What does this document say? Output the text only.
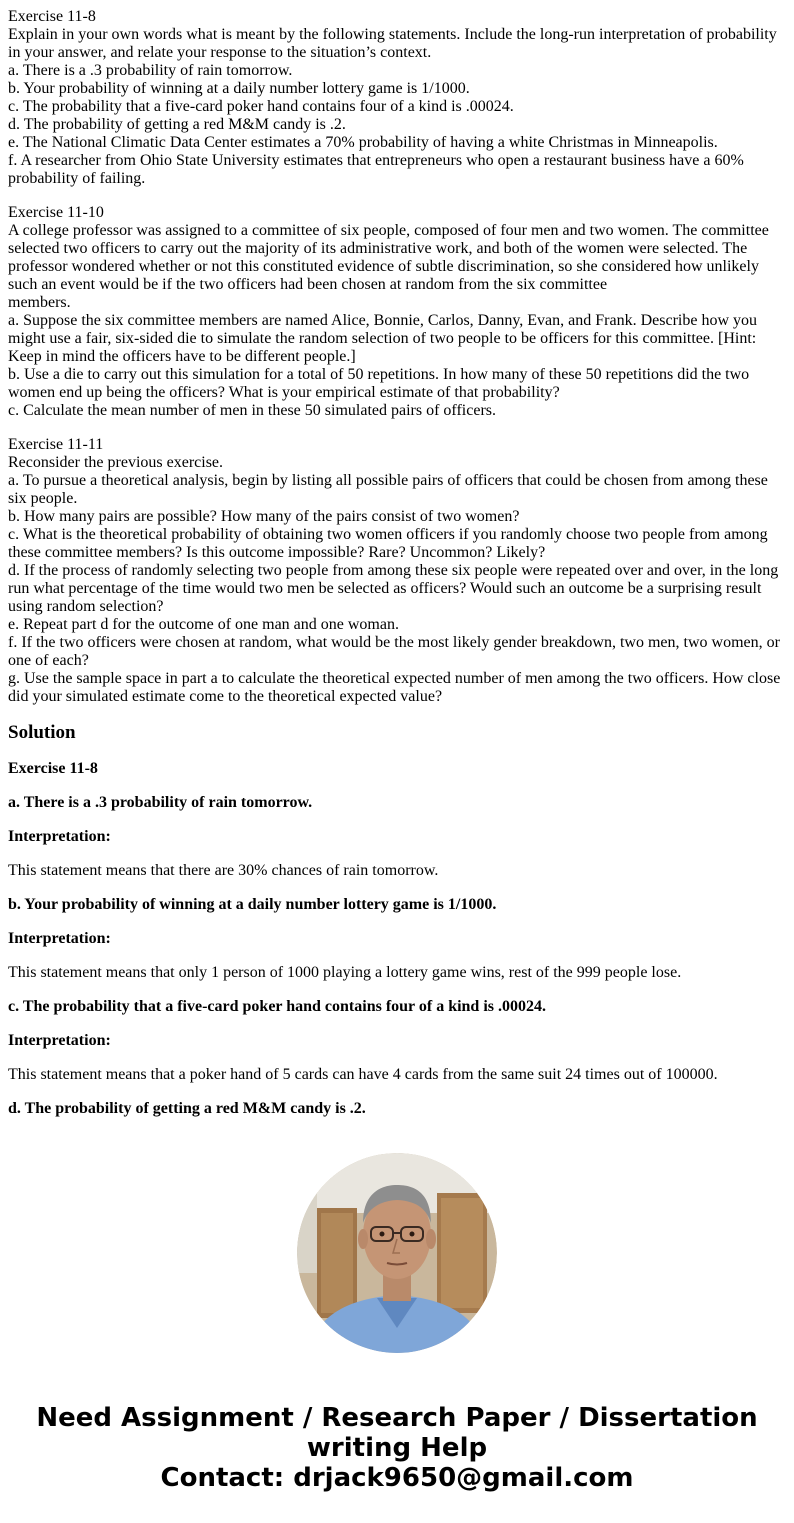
Exercise 11-8
Explain in your own words what is meant by the following statements. Include the long-run interpretation of probability in your answer, and relate your response to the situation’s context.
a. There is a .3 probability of rain tomorrow.
b. Your probability of winning at a daily number lottery game is 1/1000.
c. The probability that a five-card poker hand contains four of a kind is .00024.
d. The probability of getting a red M&M candy is .2.
e. The National Climatic Data Center estimates a 70% probability of having a white Christmas in Minneapolis.
f. A researcher from Ohio State University estimates that entrepreneurs who open a restaurant business have a 60% probability of failing.
Exercise 11-10
A college professor was assigned to a committee of six people, composed of four men and two women. The committee selected two officers to carry out the majority of its administrative work, and both of the women were selected. The professor wondered whether or not this constituted evidence of subtle discrimination, so she considered how unlikely such an event would be if the two officers had been chosen at random from the six committee
members.
a. Suppose the six committee members are named Alice, Bonnie, Carlos, Danny, Evan, and Frank. Describe how you might use a fair, six-sided die to simulate the random selection of two people to be officers for this committee. [Hint: Keep in mind the officers have to be different people.]
b. Use a die to carry out this simulation for a total of 50 repetitions. In how many of these 50 repetitions did the two women end up being the officers? What is your empirical estimate of that probability?
c. Calculate the mean number of men in these 50 simulated pairs of officers.
Exercise 11-11
Reconsider the previous exercise.
a. To pursue a theoretical analysis, begin by listing all possible pairs of officers that could be chosen from among these six people.
b. How many pairs are possible? How many of the pairs consist of two women?
c. What is the theoretical probability of obtaining two women officers if you randomly choose two people from among these committee members? Is this outcome impossible? Rare? Uncommon? Likely?
d. If the process of randomly selecting two people from among these six people were repeated over and over, in the long run what percentage of the time would two men be selected as officers? Would such an outcome be a surprising result using random selection?
e. Repeat part d for the outcome of one man and one woman.
f. If the two officers were chosen at random, what would be the most likely gender breakdown, two men, two women, or one of each?
g. Use the sample space in part a to calculate the theoretical expected number of men among the two officers. How close did your simulated estimate come to the theoretical expected value?
Solution

Exercise 11-8

a. There is a .3 probability of rain tomorrow.

Interpretation:

This statement means that there are 30% chances of rain tomorrow.

b. Your probability of winning at a daily number lottery game is 1/1000.

Interpretation:

This statement means that only 1 person of 1000 playing a lottery game wins, rest of the 999 people lose.

c. The probability that a five-card poker hand contains four of a kind is .00024.

Interpretation:

This statement means that a poker hand of 5 cards can have 4 cards from the same suit 24 times out of 100000.

d. The probability of getting a red M&M candy is .2.

Need Assignment / Research Paper / Dissertation
writing Help
Contact: drjack9650@gmail.com
